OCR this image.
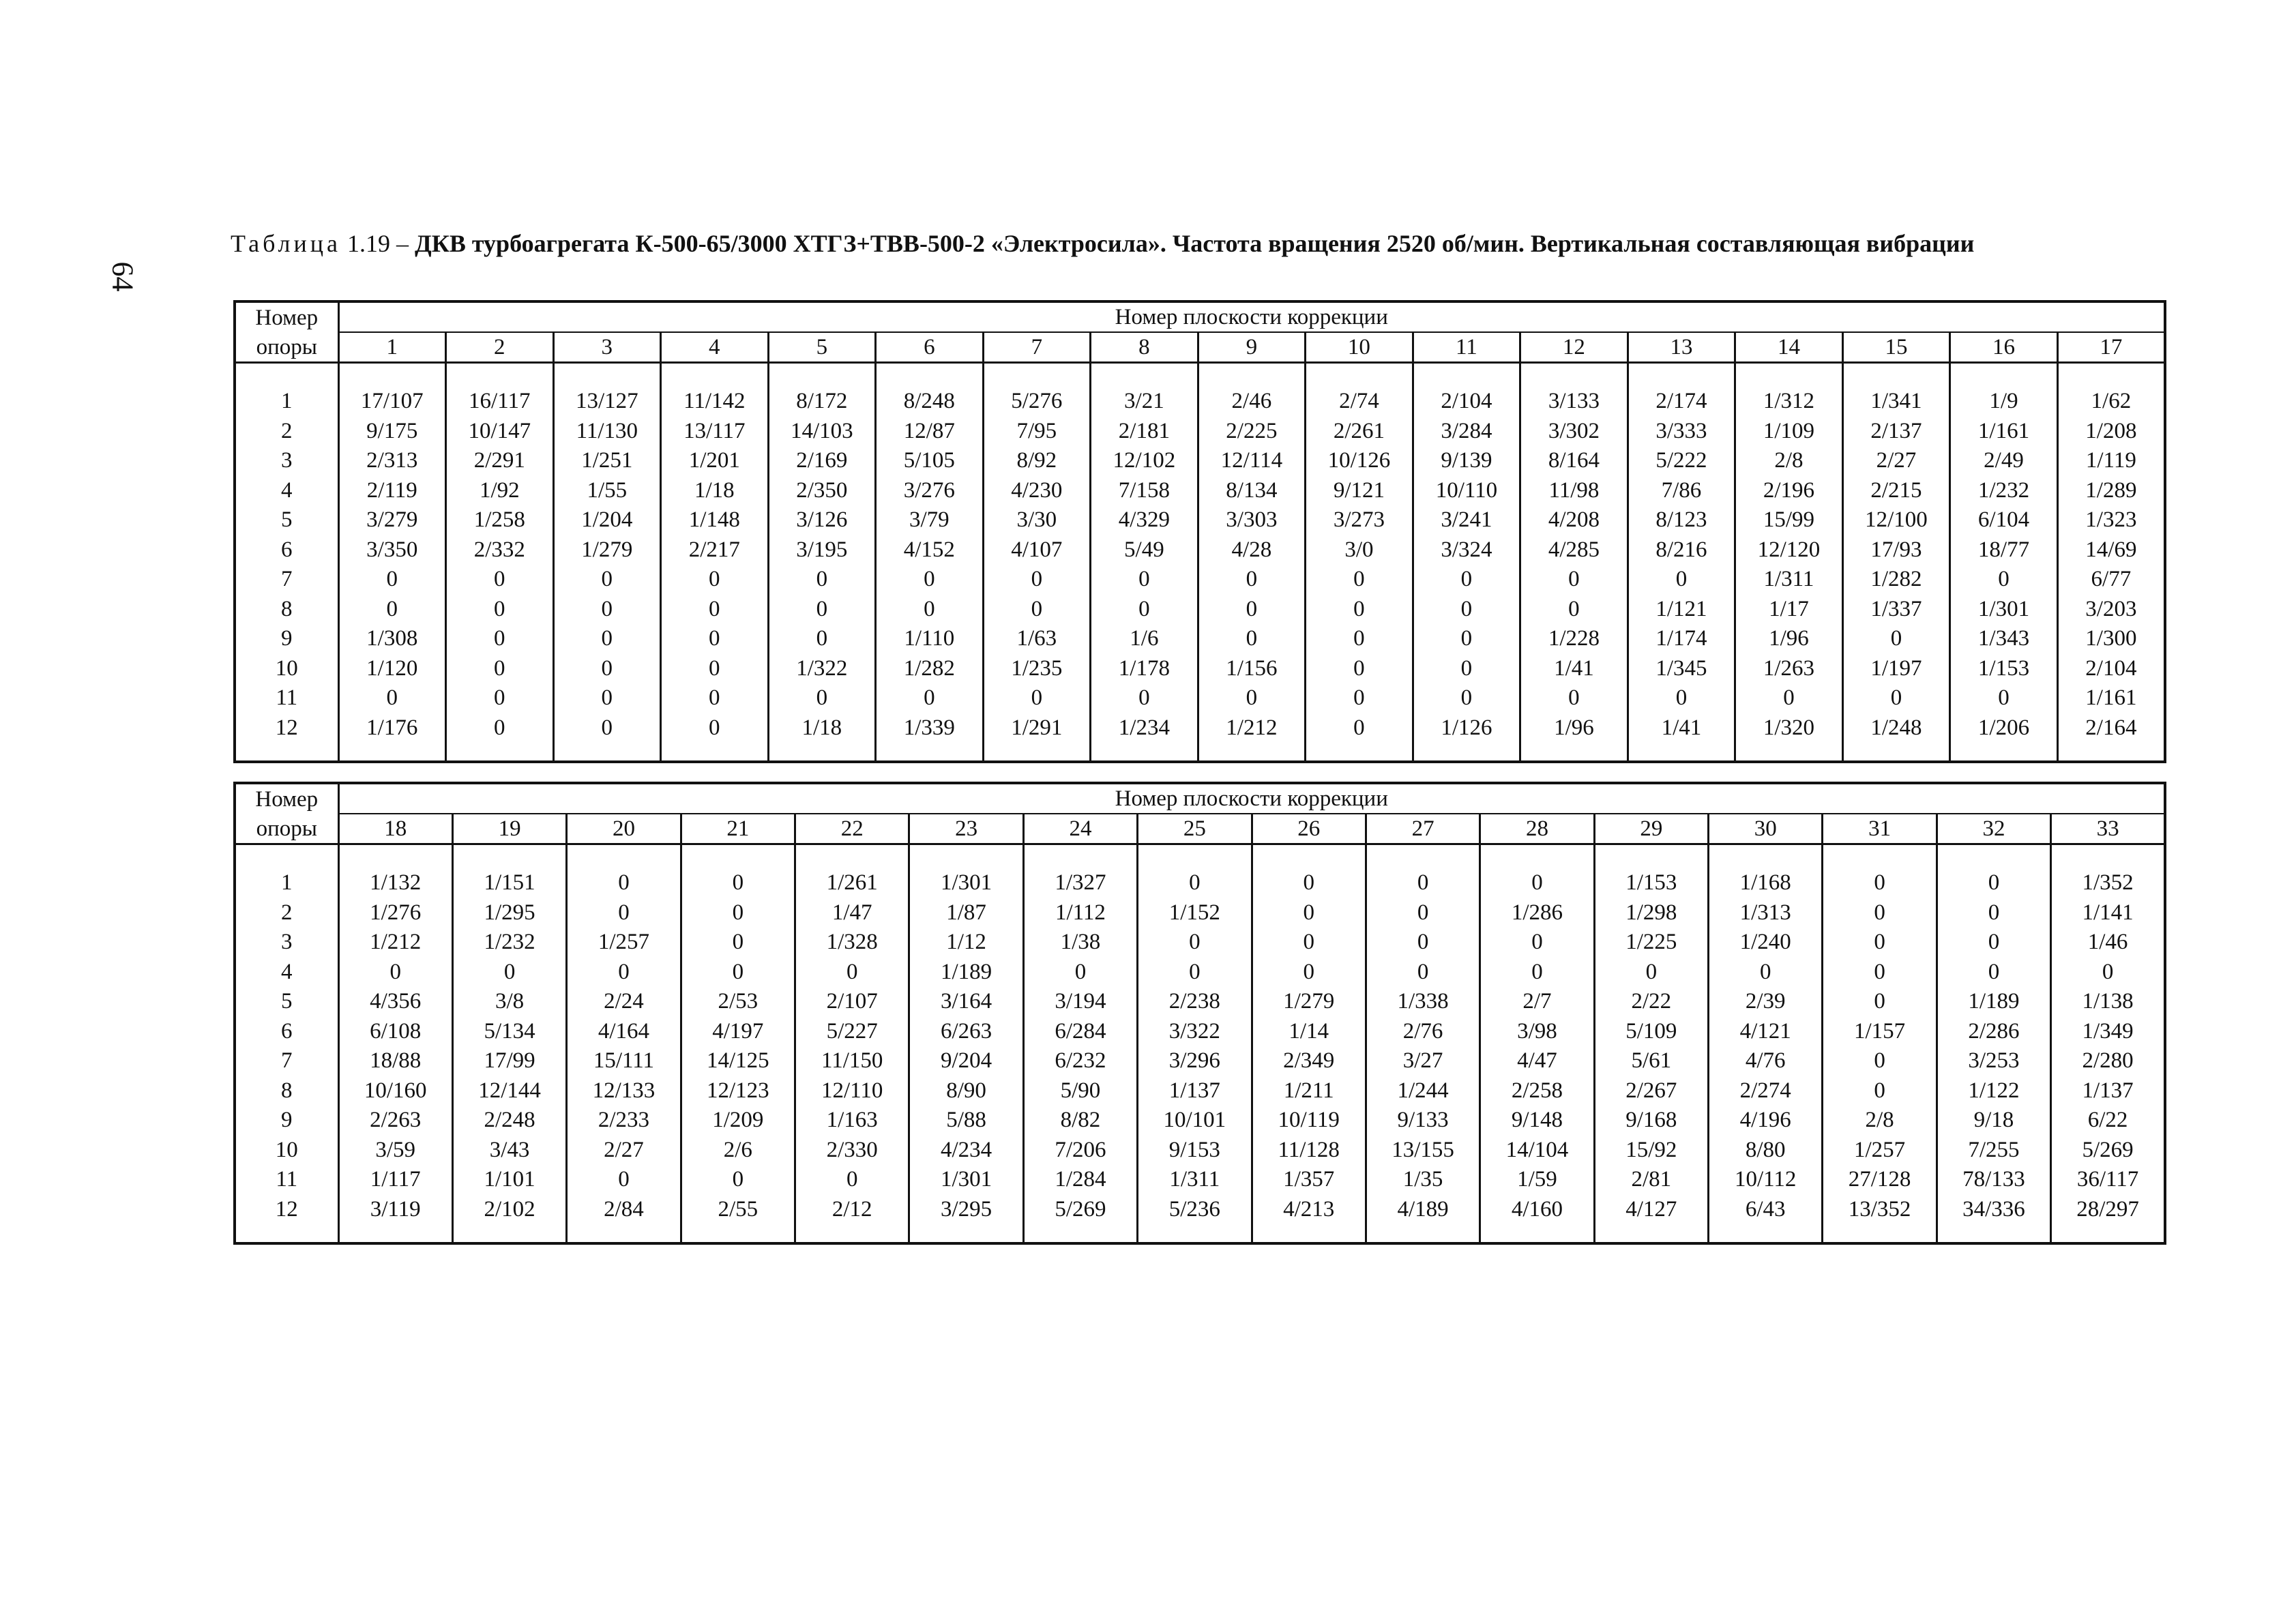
64
Таблица 1.19 – ДКВ турбоагрегата К-500-65/3000 ХТГЗ+ТВВ-500-2 «Электросила». Частота вращения 2520 об/мин. Вертикальная составляющая вибрации
Номер	Номер плоскости коррекции																
опоры	1	2	3	4	5	6	7	8	9	10	11	12	13	14	15	16	17

1	17/107	16/117	13/127	11/142	8/172	8/248	5/276	3/21	2/46	2/74	2/104	3/133	2/174	1/312	1/341	1/9	1/62
2	9/175	10/147	11/130	13/117	14/103	12/87	7/95	2/181	2/225	2/261	3/284	3/302	3/333	1/109	2/137	1/161	1/208
3	2/313	2/291	1/251	1/201	2/169	5/105	8/92	12/102	12/114	10/126	9/139	8/164	5/222	2/8	2/27	2/49	1/119
4	2/119	1/92	1/55	1/18	2/350	3/276	4/230	7/158	8/134	9/121	10/110	11/98	7/86	2/196	2/215	1/232	1/289
5	3/279	1/258	1/204	1/148	3/126	3/79	3/30	4/329	3/303	3/273	3/241	4/208	8/123	15/99	12/100	6/104	1/323
6	3/350	2/332	1/279	2/217	3/195	4/152	4/107	5/49	4/28	3/0	3/324	4/285	8/216	12/120	17/93	18/77	14/69
7	0	0	0	0	0	0	0	0	0	0	0	0	0	1/311	1/282	0	6/77
8	0	0	0	0	0	0	0	0	0	0	0	0	1/121	1/17	1/337	1/301	3/203
9	1/308	0	0	0	0	1/110	1/63	1/6	0	0	0	1/228	1/174	1/96	0	1/343	1/300
10	1/120	0	0	0	1/322	1/282	1/235	1/178	1/156	0	0	1/41	1/345	1/263	1/197	1/153	2/104
11	0	0	0	0	0	0	0	0	0	0	0	0	0	0	0	0	1/161
12	1/176	0	0	0	1/18	1/339	1/291	1/234	1/212	0	1/126	1/96	1/41	1/320	1/248	1/206	2/164

Номер	Номер плоскости коррекции															
опоры	18	19	20	21	22	23	24	25	26	27	28	29	30	31	32	33

1	1/132	1/151	0	0	1/261	1/301	1/327	0	0	0	0	1/153	1/168	0	0	1/352
2	1/276	1/295	0	0	1/47	1/87	1/112	1/152	0	0	1/286	1/298	1/313	0	0	1/141
3	1/212	1/232	1/257	0	1/328	1/12	1/38	0	0	0	0	1/225	1/240	0	0	1/46
4	0	0	0	0	0	1/189	0	0	0	0	0	0	0	0	0	0
5	4/356	3/8	2/24	2/53	2/107	3/164	3/194	2/238	1/279	1/338	2/7	2/22	2/39	0	1/189	1/138
6	6/108	5/134	4/164	4/197	5/227	6/263	6/284	3/322	1/14	2/76	3/98	5/109	4/121	1/157	2/286	1/349
7	18/88	17/99	15/111	14/125	11/150	9/204	6/232	3/296	2/349	3/27	4/47	5/61	4/76	0	3/253	2/280
8	10/160	12/144	12/133	12/123	12/110	8/90	5/90	1/137	1/211	1/244	2/258	2/267	2/274	0	1/122	1/137
9	2/263	2/248	2/233	1/209	1/163	5/88	8/82	10/101	10/119	9/133	9/148	9/168	4/196	2/8	9/18	6/22
10	3/59	3/43	2/27	2/6	2/330	4/234	7/206	9/153	11/128	13/155	14/104	15/92	8/80	1/257	7/255	5/269
11	1/117	1/101	0	0	0	1/301	1/284	1/311	1/357	1/35	1/59	2/81	10/112	27/128	78/133	36/117
12	3/119	2/102	2/84	2/55	2/12	3/295	5/269	5/236	4/213	4/189	4/160	4/127	6/43	13/352	34/336	28/297
